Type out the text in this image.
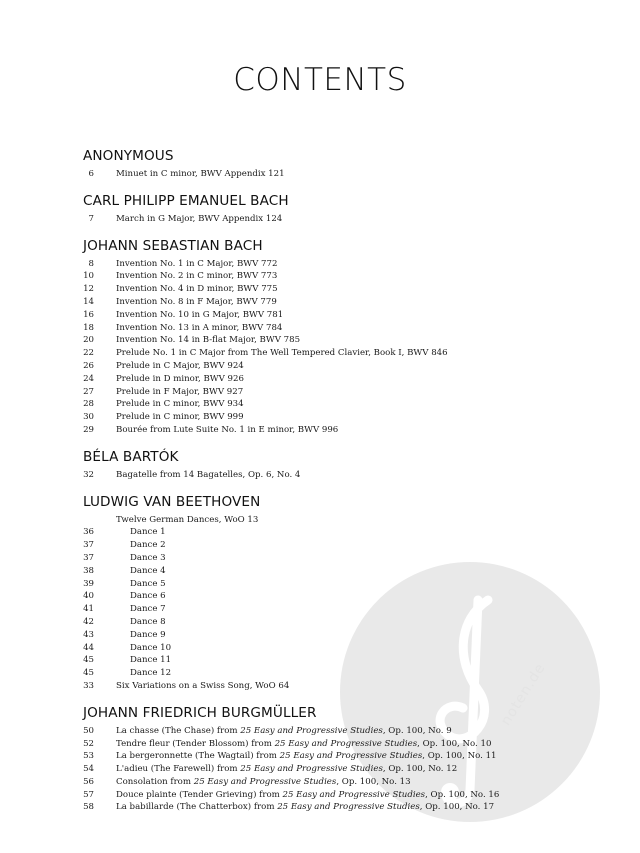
CONTENTS
noten.de
ANONYMOUS
6	Minuet in C minor, BWV Appendix 121
CARL PHILIPP EMANUEL BACH
7	March in G Major, BWV Appendix 124
JOHANN SEBASTIAN BACH
8	Invention No. 1 in C Major, BWV 772
10	Invention No. 2 in C minor, BWV 773
12	Invention No. 4 in D minor, BWV 775
14	Invention No. 8 in F Major, BWV 779
16	Invention No. 10 in G Major, BWV 781
18	Invention No. 13 in A minor, BWV 784
20	Invention No. 14 in B-flat Major, BWV 785
22	Prelude No. 1 in C Major from The Well Tempered Clavier, Book I, BWV 846
26	Prelude in C Major, BWV 924
24	Prelude in D minor, BWV 926
27	Prelude in F Major, BWV 927
28	Prelude in C minor, BWV 934
30	Prelude in C minor, BWV 999
29	Bourée from Lute Suite No. 1 in E minor, BWV 996
BÉLA BARTÓK
32	Bagatelle from 14 Bagatelles, Op. 6, No. 4
LUDWIG VAN BEETHOVEN
Twelve German Dances, WoO 13
36	Dance 1
37	Dance 2
37	Dance 3
38	Dance 4
39	Dance 5
40	Dance 6
41	Dance 7
42	Dance 8
43	Dance 9
44	Dance 10
45	Dance 11
45	Dance 12
33	Six Variations on a Swiss Song, WoO 64
JOHANN FRIEDRICH BURGMÜLLER
50	La chasse (The Chase) from 25 Easy and Progressive Studies, Op. 100, No. 9
52	Tendre fleur (Tender Blossom) from 25 Easy and Progressive Studies, Op. 100, No. 10
53	La bergeronnette (The Wagtail) from 25 Easy and Progressive Studies, Op. 100, No. 11
54	L'adieu (The Farewell) from 25 Easy and Progressive Studies, Op. 100, No. 12
56	Consolation from 25 Easy and Progressive Studies, Op. 100, No. 13
57	Douce plainte (Tender Grieving) from 25 Easy and Progressive Studies, Op. 100, No. 16
58	La babillarde (The Chatterbox) from 25 Easy and Progressive Studies, Op. 100, No. 17
